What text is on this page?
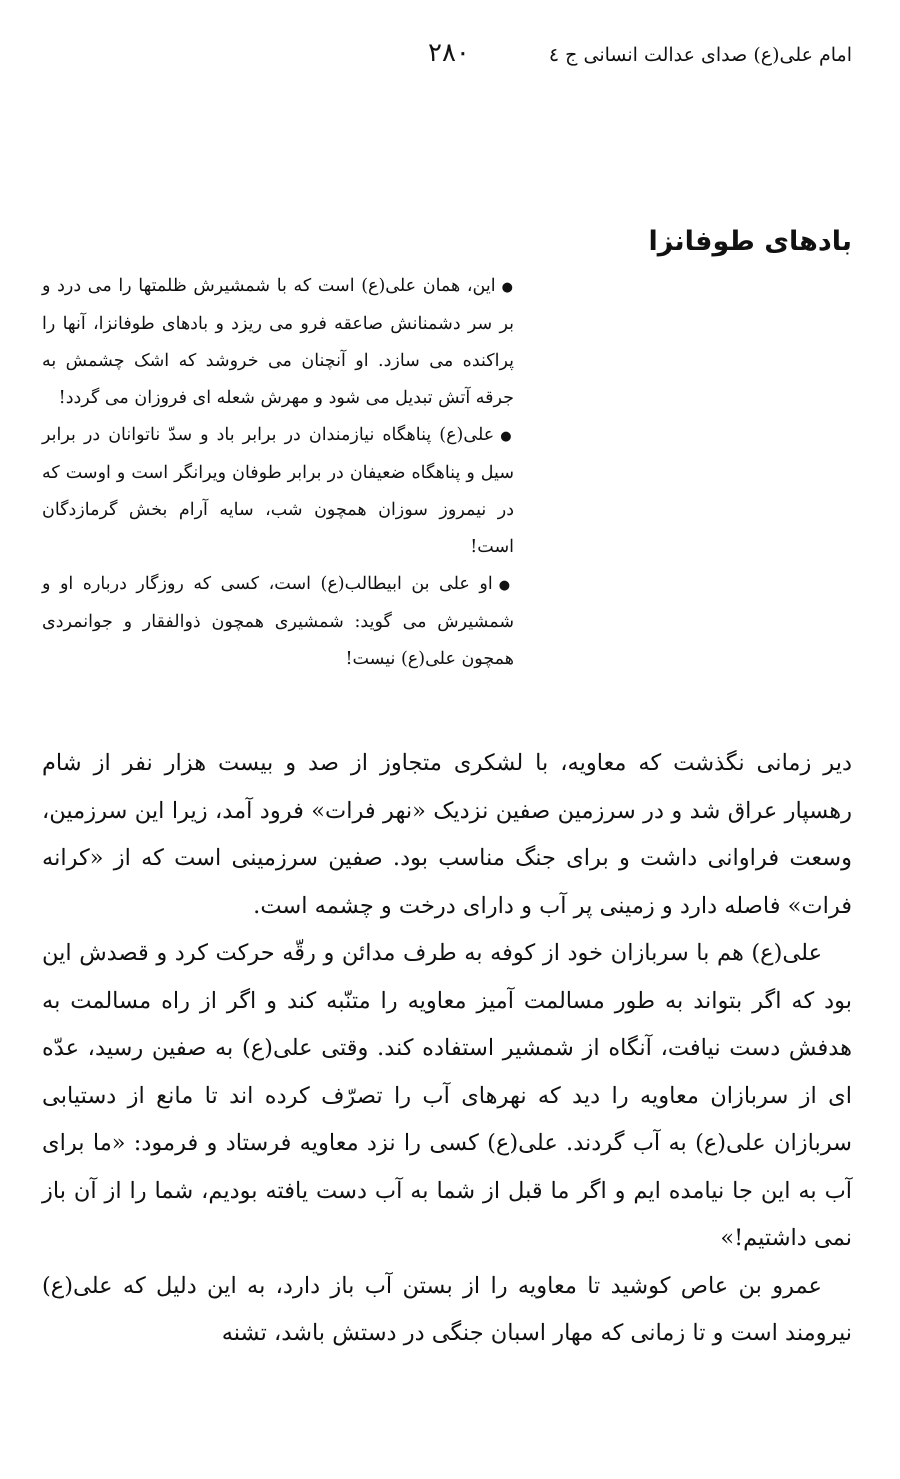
امام علی(ع) صدای عدالت انسانی ج ٤
۲۸۰
بادهای طوفانزا

●این، همان علی(ع) است که با شمشیرش ظلمتها را می درد و بر سر دشمنانش صاعقه فرو می ریزد و بادهای طوفانزا، آنها را پراکنده می سازد. او آنچنان می خروشد که اشک چشمش به جرقه آتش تبدیل می شود و مهرش شعله ای فروزان می گردد!

●علی(ع) پناهگاه نیازمندان در برابر باد و سدّ ناتوانان در برابر سیل و پناهگاه ضعیفان در برابر طوفان ویرانگر است و اوست که در نیمروز سوزان همچون شب، سایه آرام بخش گرمازدگان است!

●او علی بن ابیطالب(ع) است، کسی که روزگار درباره او و شمشیرش می گوید: شمشیری همچون ذوالفقار و جوانمردی همچون علی(ع) نیست!

دیر زمانی نگذشت که معاویه، با لشکری متجاوز از صد و بیست هزار نفر از شام رهسپار عراق شد و در سرزمین صفین نزدیک «نهر فرات» فرود آمد، زیرا این سرزمین، وسعت فراوانی داشت و برای جنگ مناسب بود. صفین سرزمینی است که از «کرانه فرات» فاصله دارد و زمینی پر آب و دارای درخت و چشمه است.

علی(ع) هم با سربازان خود از کوفه به طرف مدائن و رقّه حرکت کرد و قصدش این بود که اگر بتواند به طور مسالمت آمیز معاویه را متنّبه کند و اگر از راه مسالمت به هدفش دست نیافت، آنگاه از شمشیر استفاده کند. وقتی علی(ع) به صفین رسید، عدّه ای از سربازان معاویه را دید که نهرهای آب را تصرّف کرده اند تا مانع از دستیابی سربازان علی(ع) به آب گردند. علی(ع) کسی را نزد معاویه فرستاد و فرمود: «ما برای آب به این جا نیامده ایم و اگر ما قبل از شما به آب دست یافته بودیم، شما را از آن باز نمی داشتیم!»

عمرو بن عاص کوشید تا معاویه را از بستن آب باز دارد، به این دلیل که علی(ع) نیرومند است و تا زمانی که مهار اسبان جنگی در دستش باشد، تشنه
